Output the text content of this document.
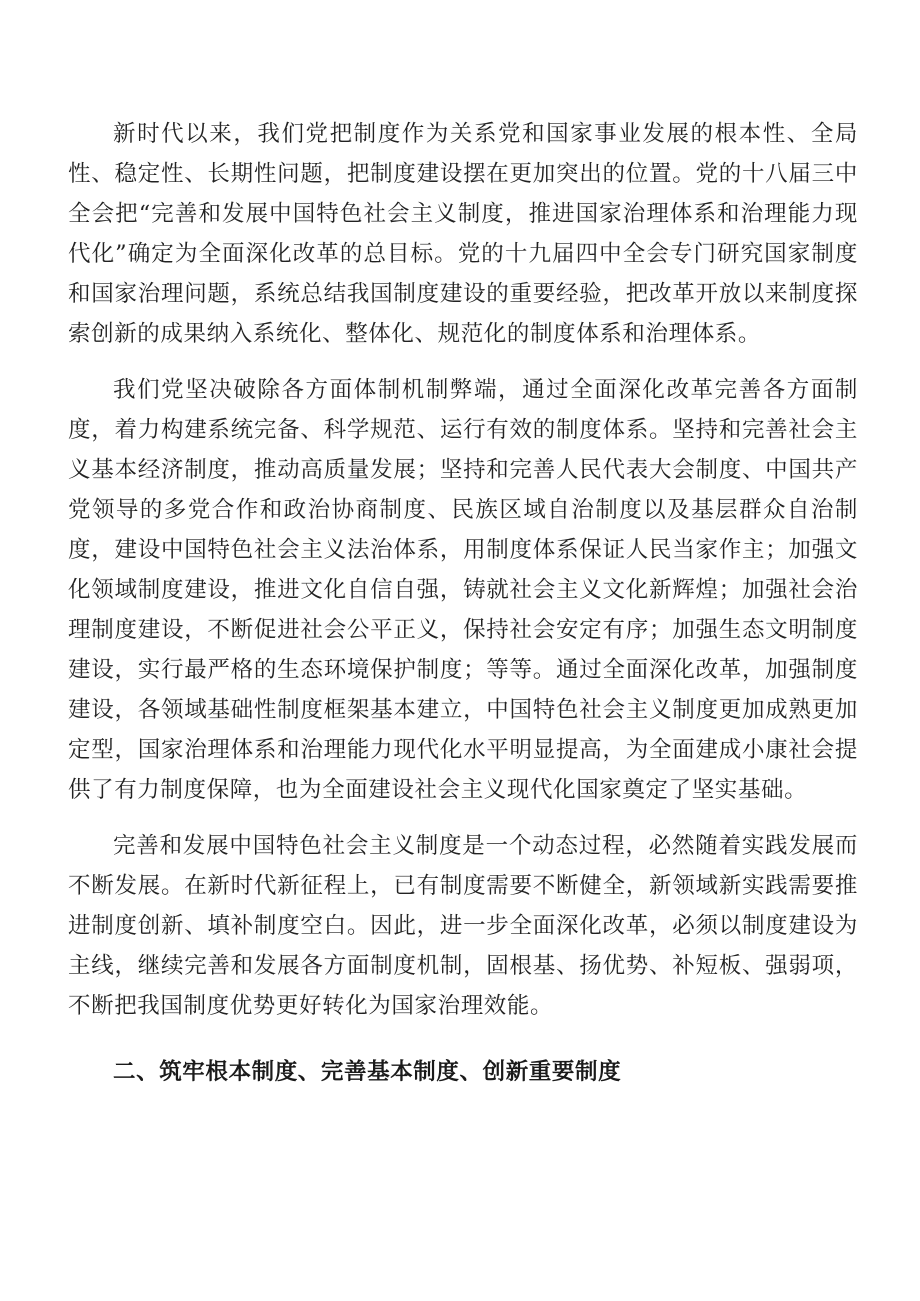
新时代以来，我们党把制度作为关系党和国家事业发展的根本性、全局性、稳定性、长期性问题，把制度建设摆在更加突出的位置。党的十八届三中全会把“完善和发展中国特色社会主义制度，推进国家治理体系和治理能力现代化”确定为全面深化改革的总目标。党的十九届四中全会专门研究国家制度和国家治理问题，系统总结我国制度建设的重要经验，把改革开放以来制度探索创新的成果纳入系统化、整体化、规范化的制度体系和治理体系。

我们党坚决破除各方面体制机制弊端，通过全面深化改革完善各方面制度，着力构建系统完备、科学规范、运行有效的制度体系。坚持和完善社会主义基本经济制度，推动高质量发展；坚持和完善人民代表大会制度、中国共产党领导的多党合作和政治协商制度、民族区域自治制度以及基层群众自治制度，建设中国特色社会主义法治体系，用制度体系保证人民当家作主；加强文化领域制度建设，推进文化自信自强，铸就社会主义文化新辉煌；加强社会治理制度建设，不断促进社会公平正义，保持社会安定有序；加强生态文明制度建设，实行最严格的生态环境保护制度；等等。通过全面深化改革，加强制度建设，各领域基础性制度框架基本建立，中国特色社会主义制度更加成熟更加定型，国家治理体系和治理能力现代化水平明显提高，为全面建成小康社会提供了有力制度保障，也为全面建设社会主义现代化国家奠定了坚实基础。

完善和发展中国特色社会主义制度是一个动态过程，必然随着实践发展而不断发展。在新时代新征程上，已有制度需要不断健全，新领域新实践需要推进制度创新、填补制度空白。因此，进一步全面深化改革，必须以制度建设为主线，继续完善和发展各方面制度机制，固根基、扬优势、补短板、强弱项，不断把我国制度优势更好转化为国家治理效能。

二、筑牢根本制度、完善基本制度、创新重要制度
